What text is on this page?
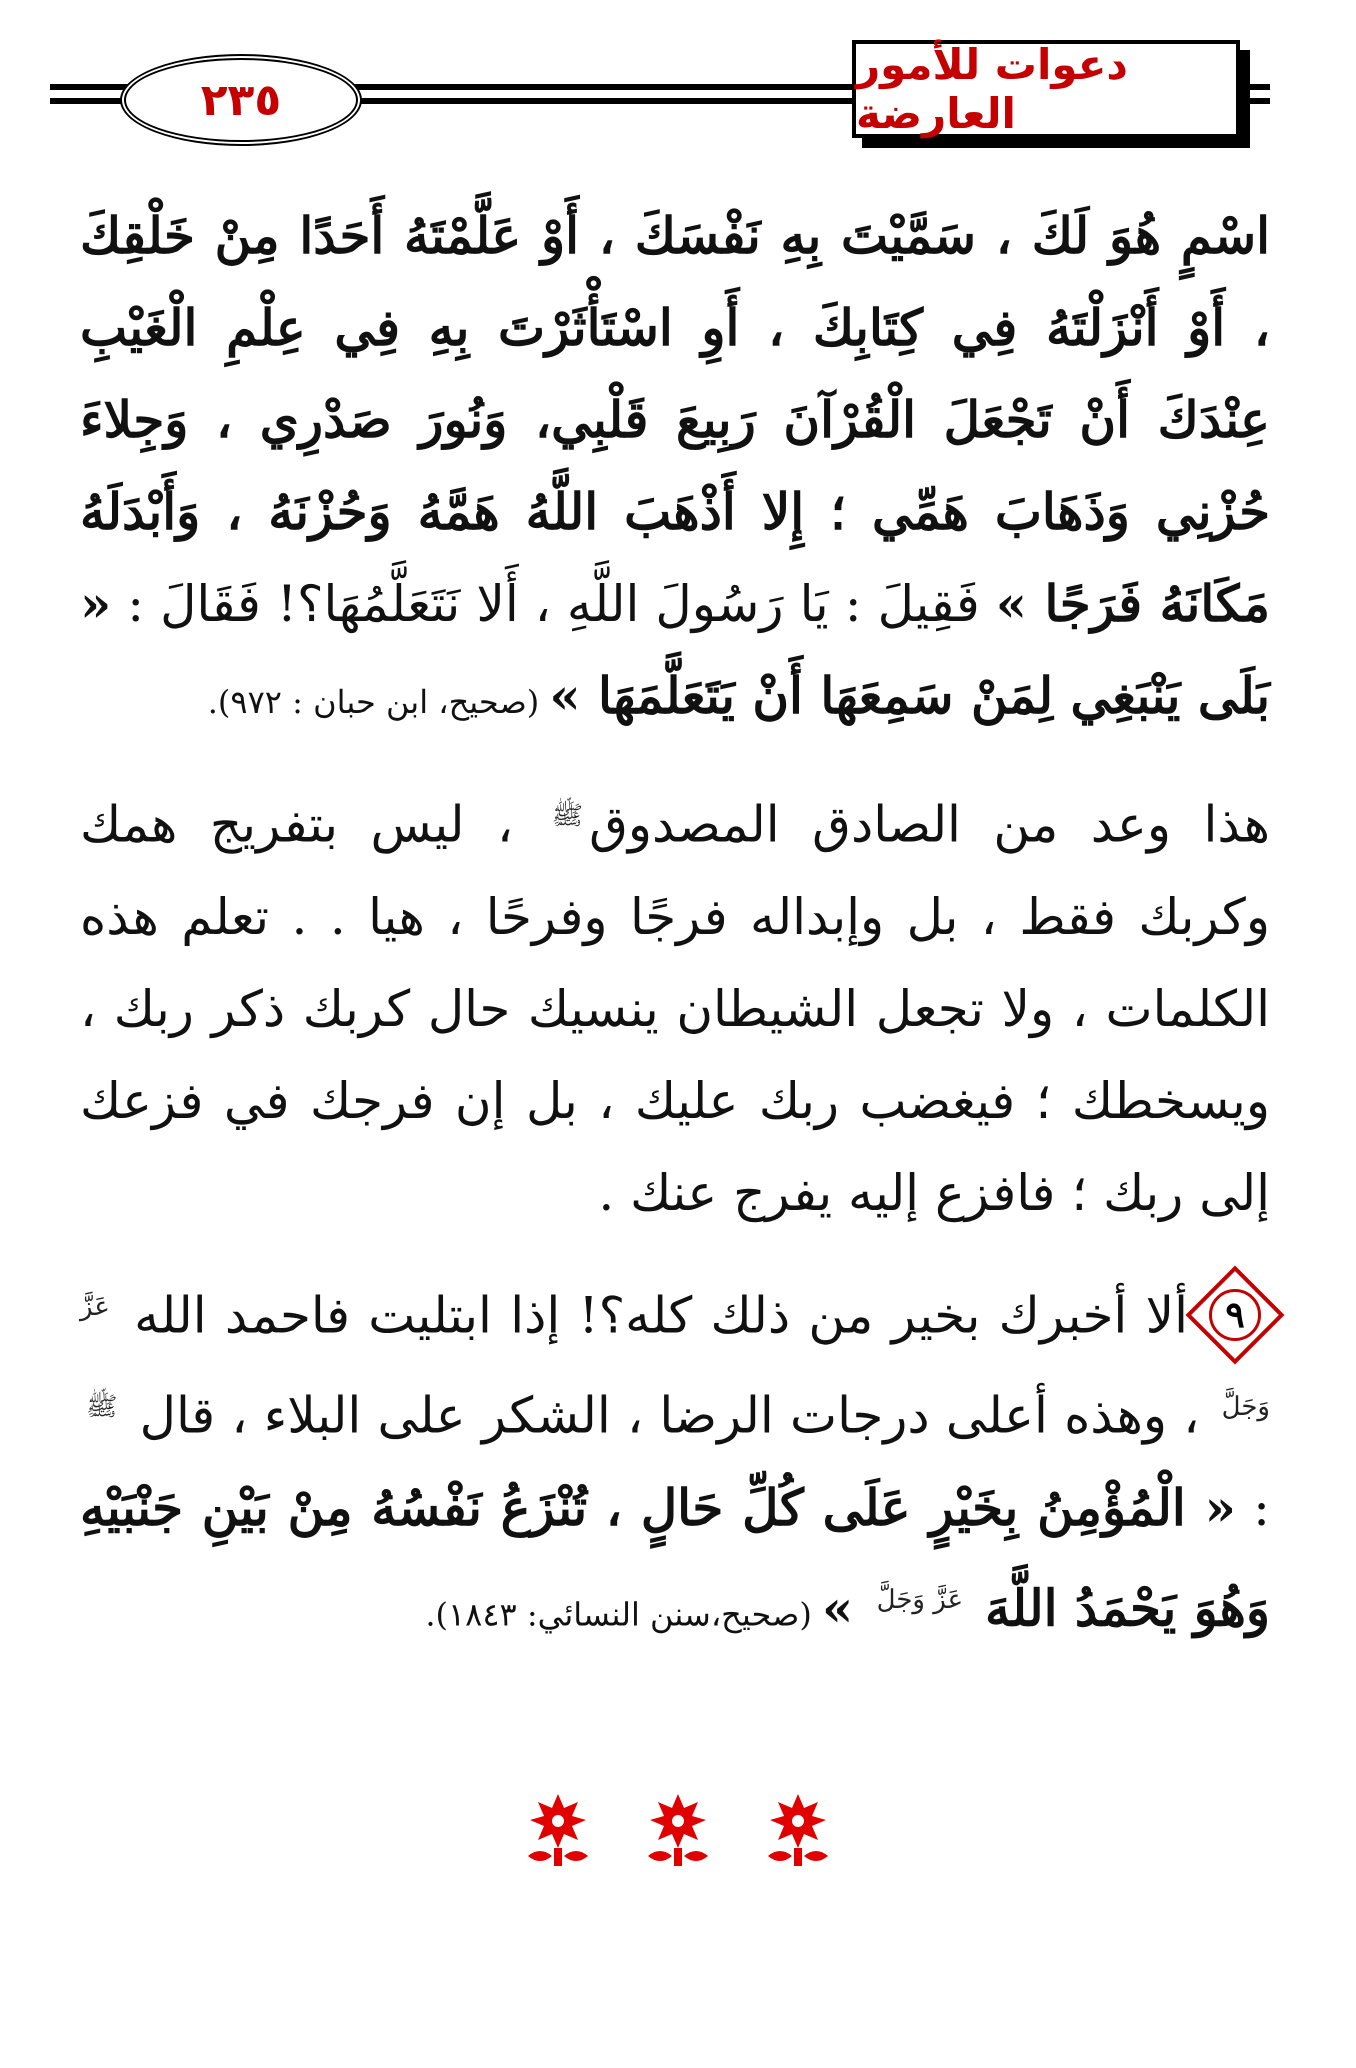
٢٣٥
دعوات للأمور العارضة

اسْمٍ هُوَ لَكَ ، سَمَّيْتَ بِهِ نَفْسَكَ ، أَوْ عَلَّمْتَهُ أَحَدًا مِنْ خَلْقِكَ ، أَوْ أَنْزَلْتَهُ فِي كِتَابِكَ ، أَوِ اسْتَأْثَرْتَ بِهِ فِي عِلْمِ الْغَيْبِ عِنْدَكَ أَنْ تَجْعَلَ الْقُرْآنَ رَبِيعَ قَلْبِي، وَنُورَ صَدْرِي ، وَجِلاءَ حُزْنِي وَذَهَابَ هَمِّي ؛ إِلا أَذْهَبَ اللَّهُ هَمَّهُ وَحُزْنَهُ ، وَأَبْدَلَهُ مَكَانَهُ فَرَجًا » فَقِيلَ : يَا رَسُولَ اللَّهِ ، أَلا نَتَعَلَّمُهَا؟! فَقَالَ : « بَلَى يَنْبَغِي لِمَنْ سَمِعَهَا أَنْ يَتَعَلَّمَهَا » (صحيح، ابن حبان : ٩٧٢).

هذا وعد من الصادق المصدوق$^ﷺ$ ، ليس بتفريج همك وكربك فقط ، بل وإبداله فرجًا وفرحًا ، هيا . . تعلم هذه الكلمات ، ولا تجعل الشيطان ينسيك حال كربك ذكر ربك ، ويسخطك ؛ فيغضب ربك عليك ، بل إن فرجك في فزعك إلى ربك ؛ فافزع إليه يفرج عنك .

٩
ألا أخبرك بخير من ذلك كله؟! إذا ابتليت فاحمد الله $^{عَزَّ وَجَلَّ}$ ، وهذه أعلى درجات الرضا ، الشكر على البلاء ، قال $^ﷺ$ : « الْمُؤْمِنُ بِخَيْرٍ عَلَى كُلِّ حَالٍ ، تُنْزَعُ نَفْسُهُ مِنْ بَيْنِ جَنْبَيْهِ وَهُوَ يَحْمَدُ اللَّهَ $^{عَزَّ وَجَلَّ}$ » (صحيح،سنن النسائي: ١٨٤٣).
